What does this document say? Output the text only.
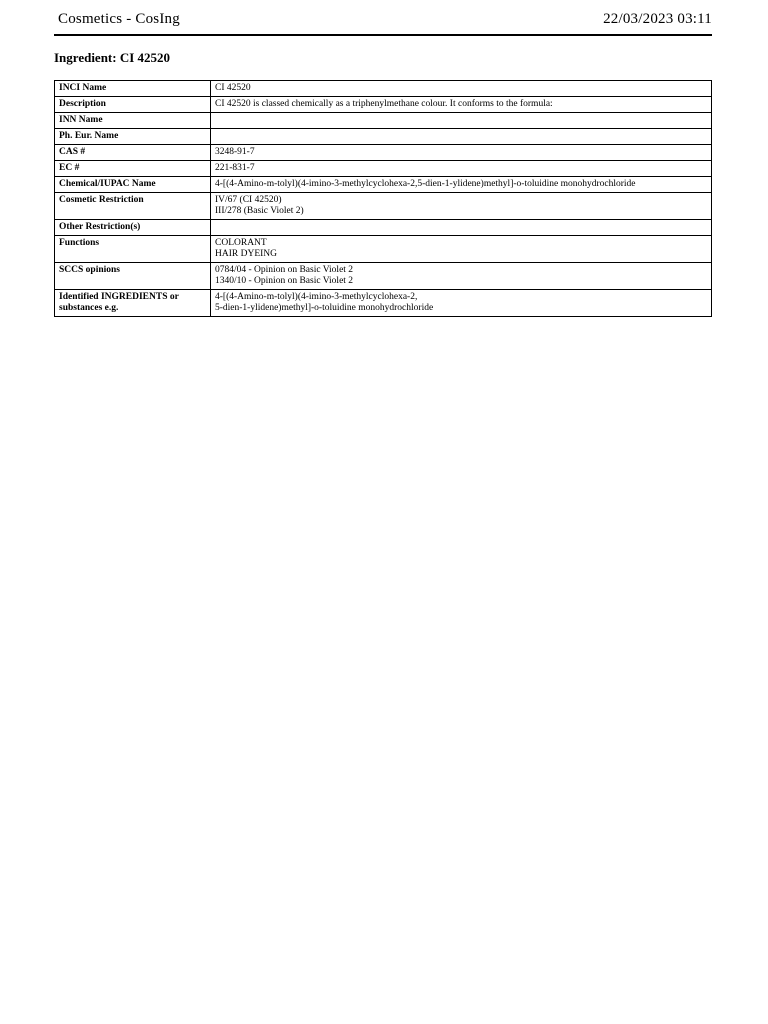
Cosmetics - CosIng	22/03/2023 03:11
Ingredient: CI 42520
INCI Name	CI 42520

Description	CI 42520 is classed chemically as a triphenylmethane colour. It conforms to the formula:

INN Name	

Ph. Eur. Name	

CAS #	3248-91-7

EC #	221-831-7

Chemical/IUPAC Name	4-[(4-Amino-m-tolyl)(4-imino-3-methylcyclohexa-2,5-dien-1-ylidene)methyl]-o-toluidine monohydrochloride

Cosmetic Restriction	IV/67 (CI 42520)
III/278 (Basic Violet 2)

Other Restriction(s)	

Functions	COLORANT
HAIR DYEING

SCCS opinions	0784/04 - Opinion on Basic Violet 2
1340/10 - Opinion on Basic Violet 2

Identified INGREDIENTS or substances e.g.	4-[(4-Amino-m-tolyl)(4-imino-3-methylcyclohexa-2,
5-dien-1-ylidene)methyl]-o-toluidine monohydrochloride
